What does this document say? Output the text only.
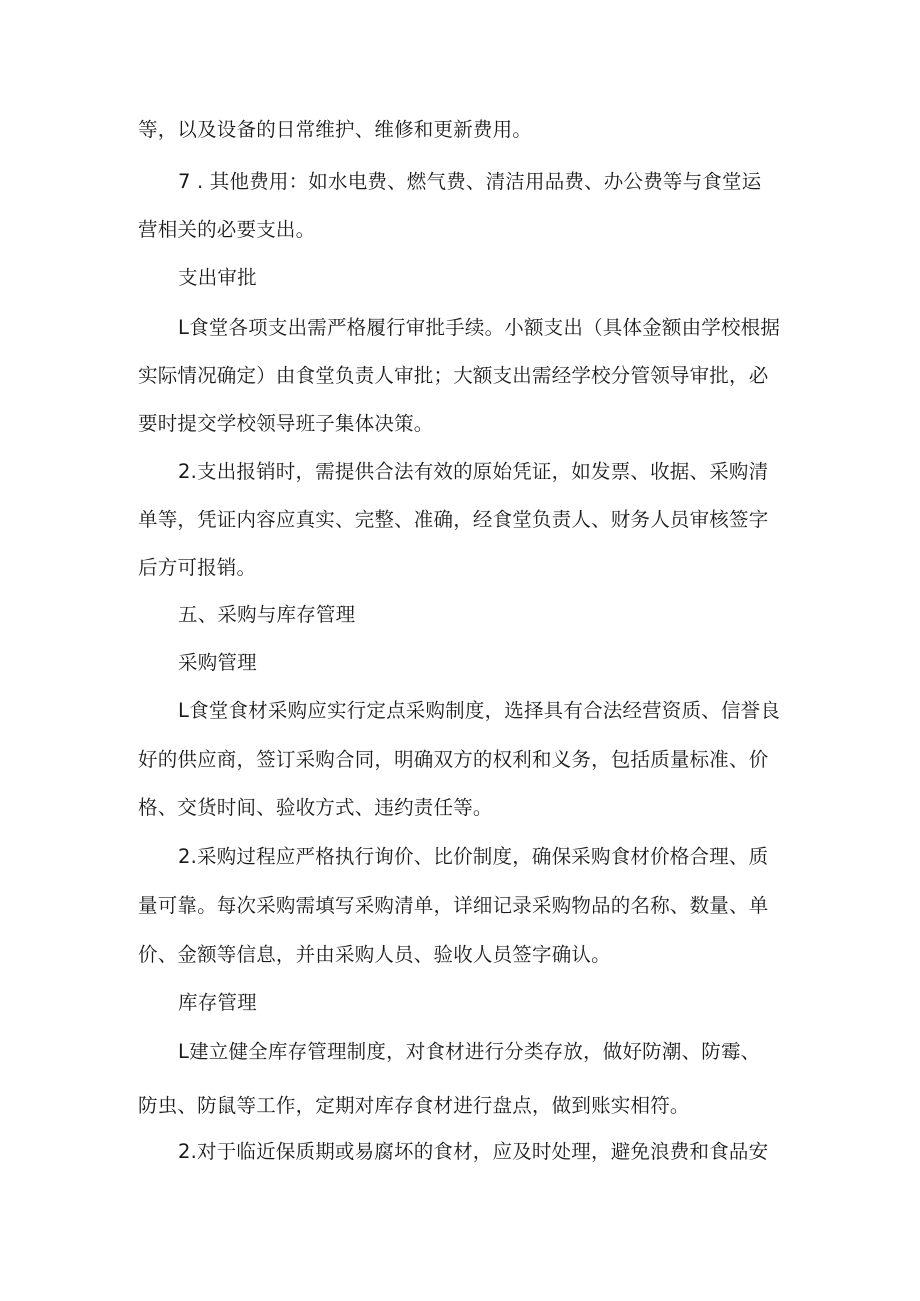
等，以及设备的日常维护、维修和更新费用。
7 . 其他费用：如水电费、燃气费、清洁用品费、办公费等与食堂运
营相关的必要支出。
支出审批
L食堂各项支出需严格履行审批手续。小额支出（具体金额由学校根据
实际情况确定）由食堂负责人审批；大额支出需经学校分管领导审批，必
要时提交学校领导班子集体决策。
2.支出报销时，需提供合法有效的原始凭证，如发票、收据、采购清
单等，凭证内容应真实、完整、准确，经食堂负责人、财务人员审核签字
后方可报销。
五、采购与库存管理
采购管理
L食堂食材采购应实行定点采购制度，选择具有合法经营资质、信誉良
好的供应商，签订采购合同，明确双方的权利和义务，包括质量标准、价
格、交货时间、验收方式、违约责任等。
2.采购过程应严格执行询价、比价制度，确保采购食材价格合理、质
量可靠。每次采购需填写采购清单，详细记录采购物品的名称、数量、单
价、金额等信息，并由采购人员、验收人员签字确认。
库存管理
L建立健全库存管理制度，对食材进行分类存放，做好防潮、防霉、
防虫、防鼠等工作，定期对库存食材进行盘点，做到账实相符。
2.对于临近保质期或易腐坏的食材，应及时处理，避免浪费和食品安
